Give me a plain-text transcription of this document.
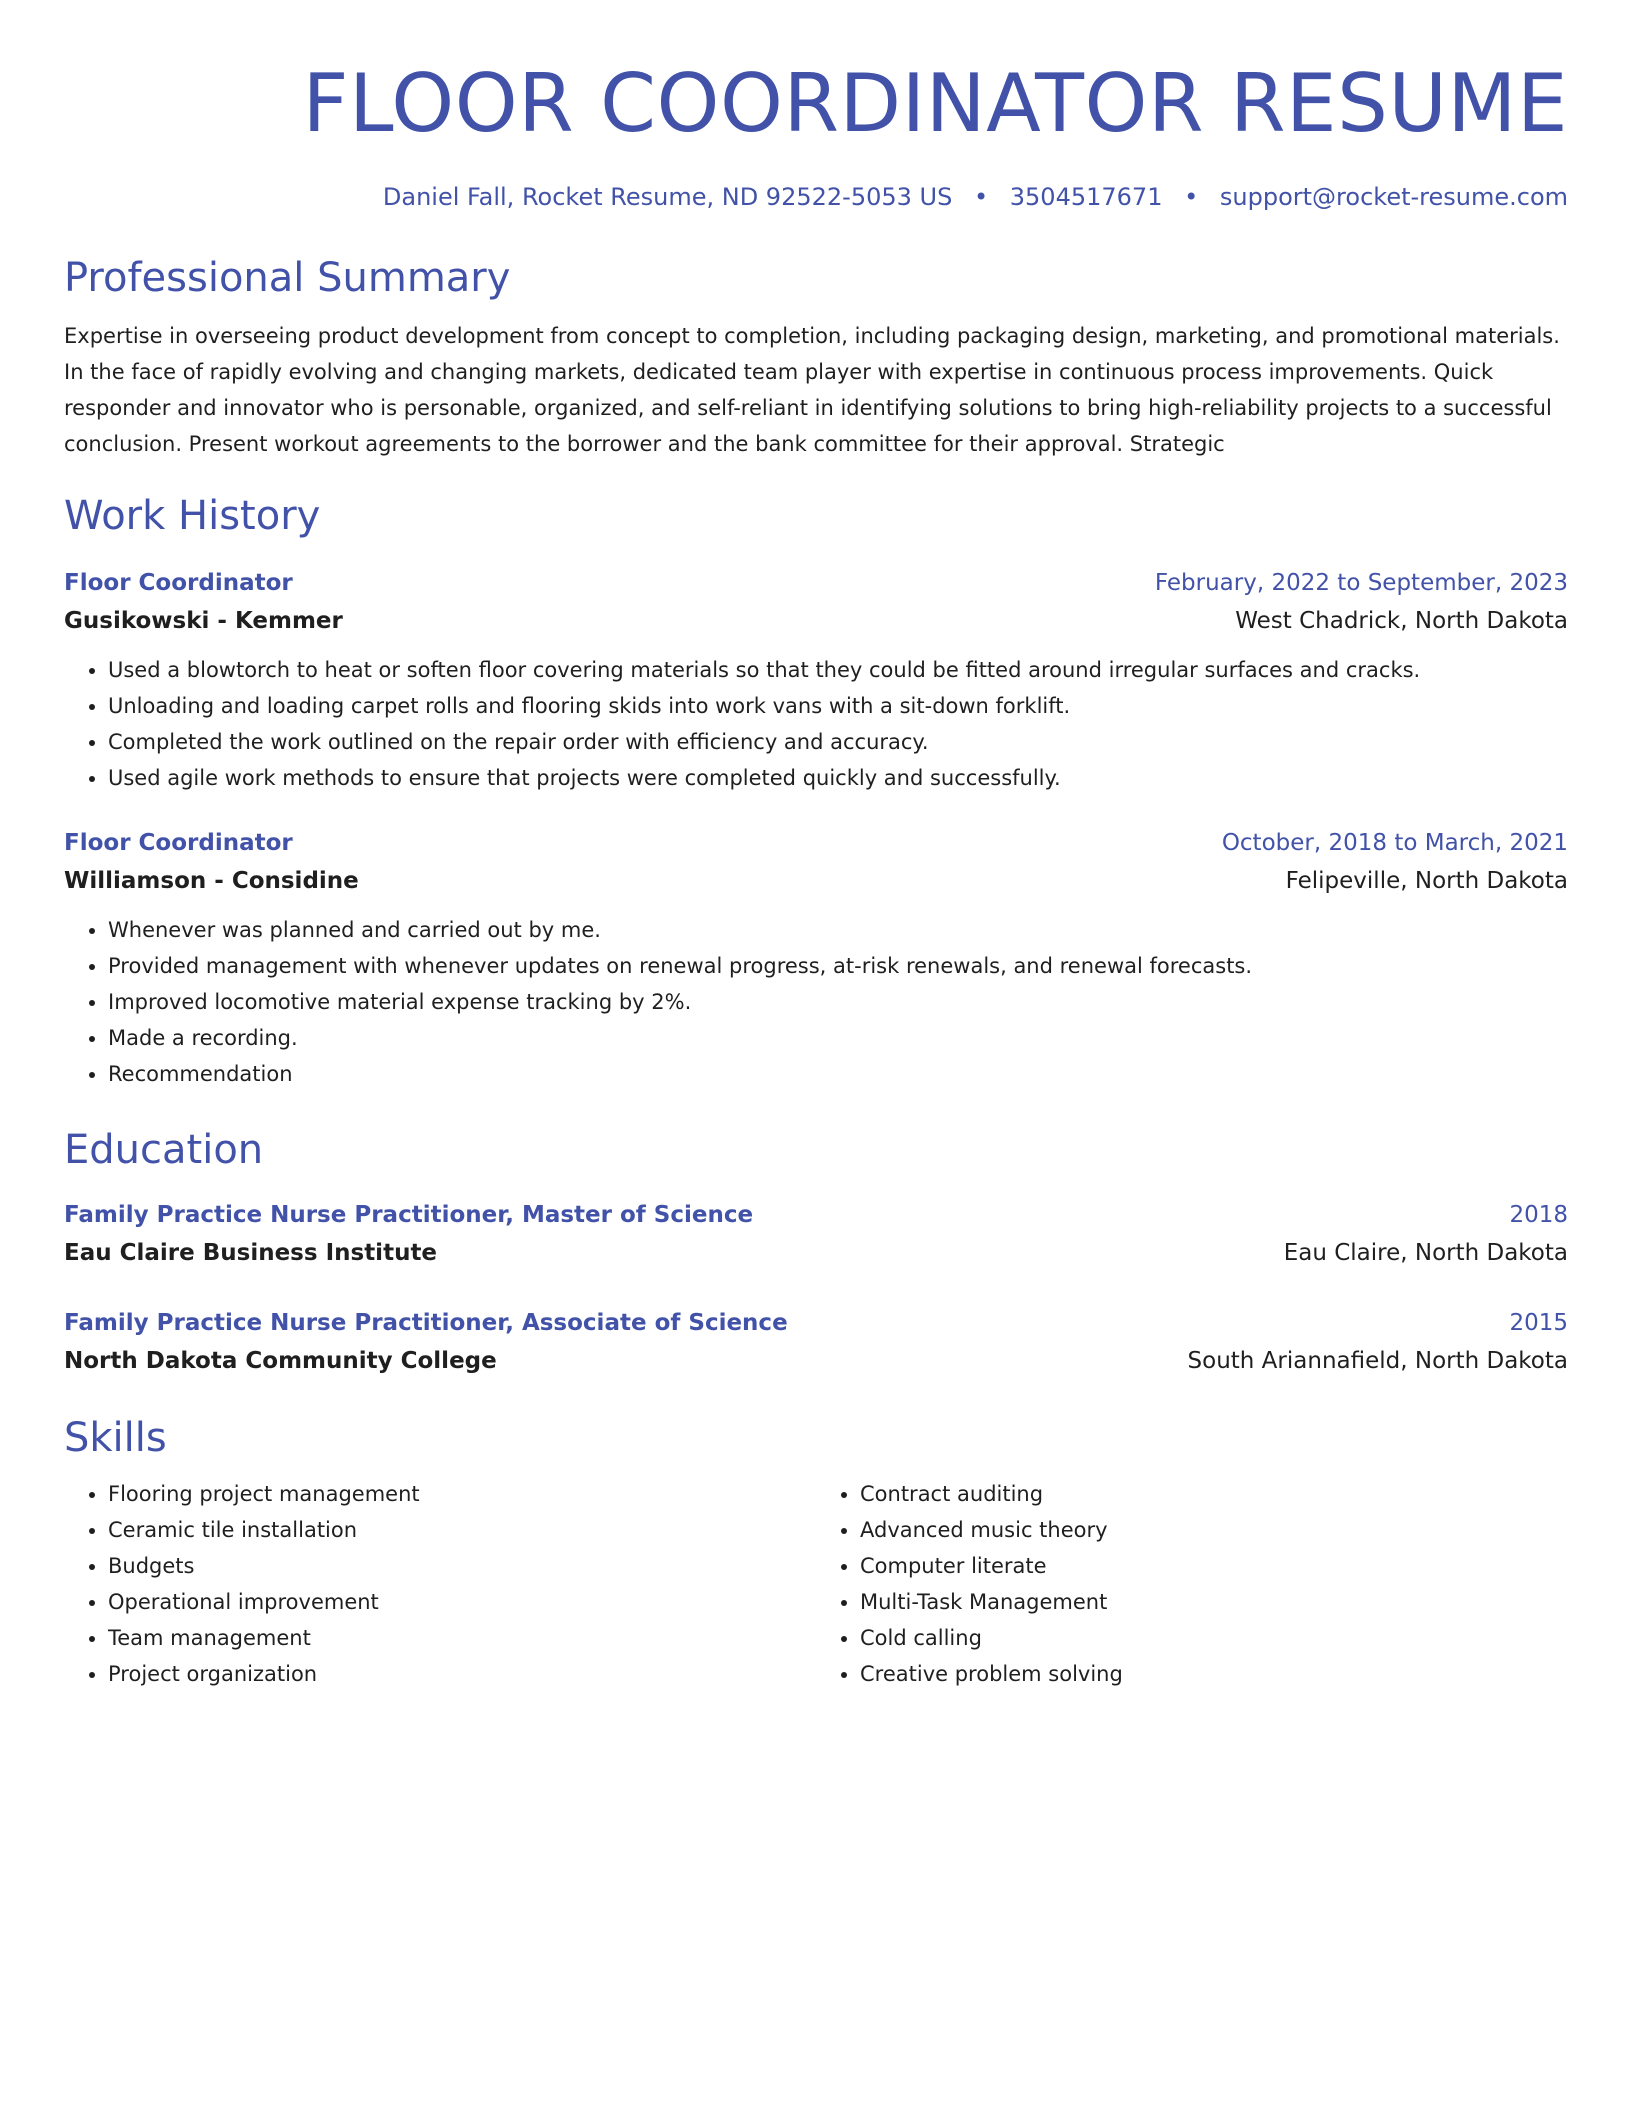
FLOOR COORDINATOR RESUME
Daniel Fall, Rocket Resume, ND 92522-5053 US • 3504517671 • support@rocket-resume.com
Professional Summary

Expertise in overseeing product development from concept to completion, including packaging design, marketing, and promotional materials. In the face of rapidly evolving and changing markets, dedicated team player with expertise in continuous process improvements. Quick responder and innovator who is personable, organized, and self-reliant in identifying solutions to bring high-reliability projects to a successful conclusion. Present workout agreements to the borrower and the bank committee for their approval. Strategic

Work History
Floor Coordinator	February, 2022 to September, 2023
Gusikowski - Kemmer	West Chadrick, North Dakota
• Used a blowtorch to heat or soften floor covering materials so that they could be fitted around irregular surfaces and cracks.
• Unloading and loading carpet rolls and flooring skids into work vans with a sit-down forklift.
• Completed the work outlined on the repair order with efficiency and accuracy.
• Used agile work methods to ensure that projects were completed quickly and successfully.
Floor Coordinator	October, 2018 to March, 2021
Williamson - Considine	Felipeville, North Dakota
• Whenever was planned and carried out by me.
• Provided management with whenever updates on renewal progress, at-risk renewals, and renewal forecasts.
• Improved locomotive material expense tracking by 2%.
• Made a recording.
• Recommendation
Education
Family Practice Nurse Practitioner, Master of Science	2018
Eau Claire Business Institute	Eau Claire, North Dakota
Family Practice Nurse Practitioner, Associate of Science	2015
North Dakota Community College	South Ariannafield, North Dakota
Skills
• Flooring project management
• Ceramic tile installation
• Budgets
• Operational improvement
• Team management
• Project organization
• Contract auditing
• Advanced music theory
• Computer literate
• Multi-Task Management
• Cold calling
• Creative problem solving
